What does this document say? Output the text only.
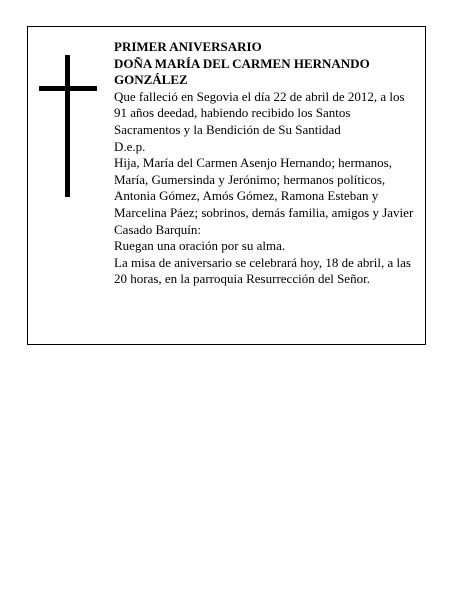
PRIMER ANIVERSARIO

DOÑA MARÍA DEL CARMEN HERNANDO GONZÁLEZ

Que falleció en Segovia el día 22 de abril de 2012, a los 91 años deedad, habiendo recibido los Santos Sacramentos y la Bendición de Su Santidad

D.e.p.

Hija, María del Carmen Asenjo Hernando; hermanos, María, Gumersinda y Jerónimo; hermanos políticos, Antonia Gómez, Amós Gómez, Ramona Esteban y Marcelina Páez; sobrinos, demás familia, amigos y Javier Casado Barquín:

Ruegan una oración por su alma.

La misa de aniversario se celebrará hoy, 18 de abril, a las 20 horas, en la parroquia Resurrección del Señor.
